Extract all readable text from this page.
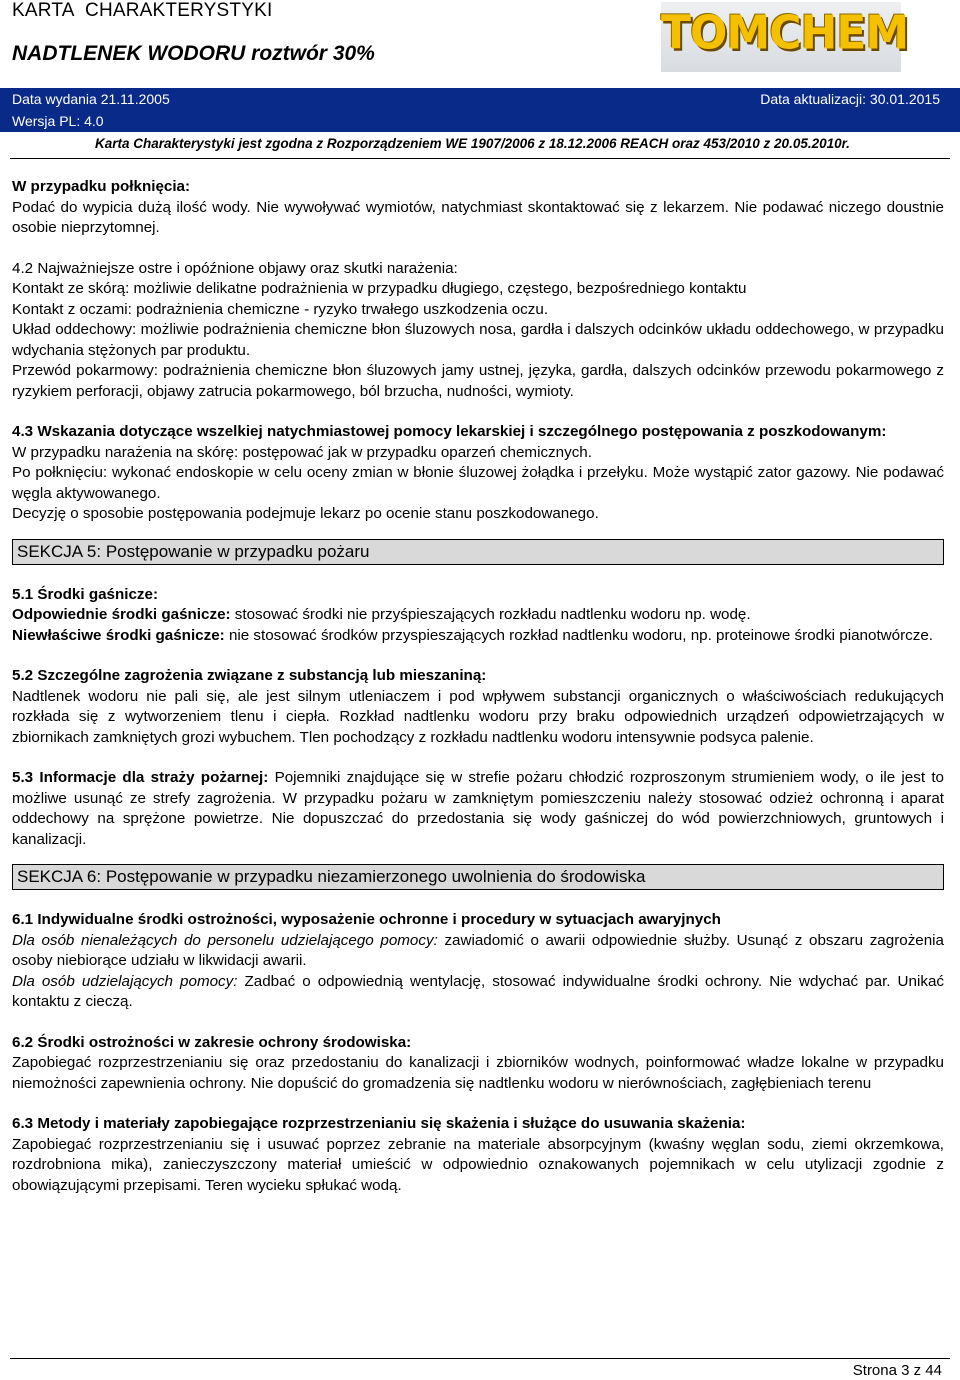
KARTA CHARAKTERYSTYKI
NADTLENEK WODORU roztwór 30%	TOMCHEM
Data wydania 21.11.2005	Data aktualizacji: 30.01.2015
Wersja PL: 4.0
Karta Charakterystyki jest zgodna z Rozporządzeniem WE 1907/2006 z 18.12.2006 REACH oraz 453/2010 z 20.05.2010r.

W przypadku połknięcia:

Podać do wypicia dużą ilość wody. Nie wywoływać wymiotów, natychmiast skontaktować się z lekarzem. Nie podawać niczego doustnie osobie nieprzytomnej.

4.2 Najważniejsze ostre i opóźnione objawy oraz skutki narażenia:

Kontakt ze skórą: możliwie delikatne podrażnienia w przypadku długiego, częstego, bezpośredniego kontaktu

Kontakt z oczami: podrażnienia chemiczne - ryzyko trwałego uszkodzenia oczu.

Układ oddechowy: możliwie podrażnienia chemiczne błon śluzowych nosa, gardła i dalszych odcinków układu oddechowego, w przypadku wdychania stężonych par produktu.

Przewód pokarmowy: podrażnienia chemiczne błon śluzowych jamy ustnej, języka, gardła, dalszych odcinków przewodu pokarmowego z ryzykiem perforacji, objawy zatrucia pokarmowego, ból brzucha, nudności, wymioty.

4.3 Wskazania dotyczące wszelkiej natychmiastowej pomocy lekarskiej i szczególnego postępowania z poszkodowanym:

W przypadku narażenia na skórę: postępować jak w przypadku oparzeń chemicznych.

Po połknięciu: wykonać endoskopie w celu oceny zmian w błonie śluzowej żołądka i przełyku. Może wystąpić zator gazowy. Nie podawać węgla aktywowanego.

Decyzję o sposobie postępowania podejmuje lekarz po ocenie stanu poszkodowanego.

SEKCJA 5: Postępowanie w przypadku pożaru

5.1 Środki gaśnicze:

Odpowiednie środki gaśnicze: stosować środki nie przyśpieszających rozkładu nadtlenku wodoru np. wodę.

Niewłaściwe środki gaśnicze: nie stosować środków przyspieszających rozkład nadtlenku wodoru, np. proteinowe środki pianotwórcze.

5.2 Szczególne zagrożenia związane z substancją lub mieszaniną:

Nadtlenek wodoru nie pali się, ale jest silnym utleniaczem i pod wpływem substancji organicznych o właściwościach redukujących rozkłada się z wytworzeniem tlenu i ciepła. Rozkład nadtlenku wodoru przy braku odpowiednich urządzeń odpowietrzających w zbiornikach zamkniętych grozi wybuchem. Tlen pochodzący z rozkładu nadtlenku wodoru intensywnie podsyca palenie.

5.3 Informacje dla straży pożarnej: Pojemniki znajdujące się w strefie pożaru chłodzić rozproszonym strumieniem wody, o ile jest to możliwe usunąć ze strefy zagrożenia. W przypadku pożaru w zamkniętym pomieszczeniu należy stosować odzież ochronną i aparat oddechowy na sprężone powietrze. Nie dopuszczać do przedostania się wody gaśniczej do wód powierzchniowych, gruntowych i kanalizacji.

SEKCJA 6: Postępowanie w przypadku niezamierzonego uwolnienia do środowiska

6.1 Indywidualne środki ostrożności, wyposażenie ochronne i procedury w sytuacjach awaryjnych

Dla osób nienależących do personelu udzielającego pomocy: zawiadomić o awarii odpowiednie służby. Usunąć z obszaru zagrożenia osoby niebiorące udziału w likwidacji awarii.

Dla osób udzielających pomocy: Zadbać o odpowiednią wentylację, stosować indywidualne środki ochrony. Nie wdychać par. Unikać kontaktu z cieczą.

6.2 Środki ostrożności w zakresie ochrony środowiska:

Zapobiegać rozprzestrzenianiu się oraz przedostaniu do kanalizacji i zbiorników wodnych, poinformować władze lokalne w przypadku niemożności zapewnienia ochrony. Nie dopuścić do gromadzenia się nadtlenku wodoru w nierównościach, zagłębieniach terenu

6.3 Metody i materiały zapobiegające rozprzestrzenianiu się skażenia i służące do usuwania skażenia:

Zapobiegać rozprzestrzenianiu się i usuwać poprzez zebranie na materiale absorpcyjnym (kwaśny węglan sodu, ziemi okrzemkowa, rozdrobniona mika), zanieczyszczony materiał umieścić w odpowiednio oznakowanych pojemnikach w celu utylizacji zgodnie z obowiązującymi przepisami. Teren wycieku spłukać wodą.

Strona 3 z 44
